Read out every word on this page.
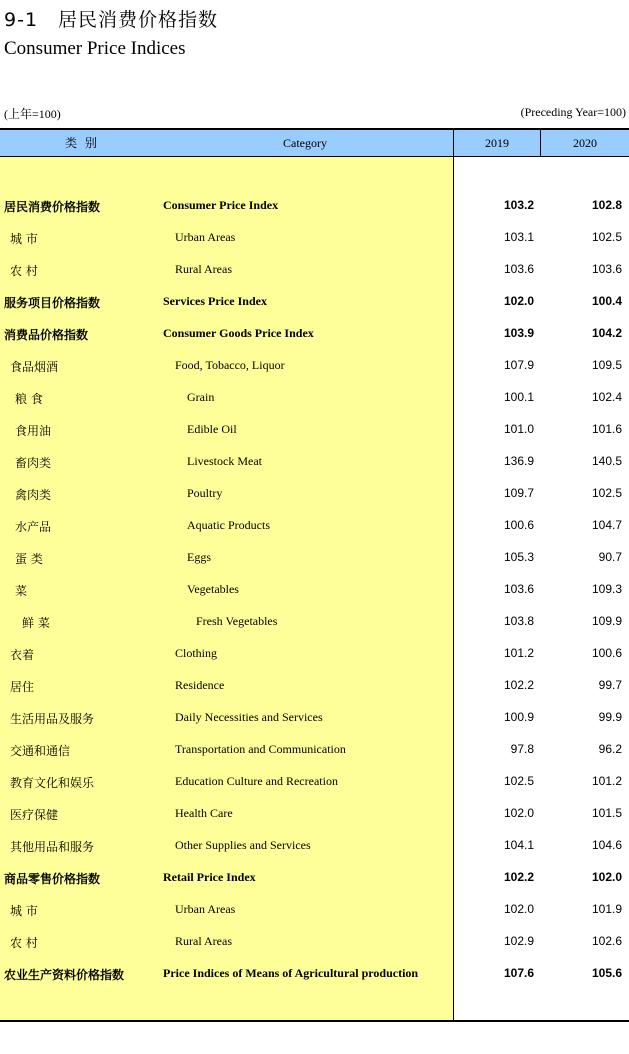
9-1　居民消费价格指数
Consumer Price Indices
(上年=100)	(Preceding Year=100)
类别	Category	2019	2020
居民消费价格指数	Consumer Price Index	103.2	102.8
城 市	Urban Areas	103.1	102.5
农 村	Rural Areas	103.6	103.6
服务项目价格指数	Services Price Index	102.0	100.4
消费品价格指数	Consumer Goods Price Index	103.9	104.2
食品烟酒	Food, Tobacco, Liquor	107.9	109.5
粮 食	Grain	100.1	102.4
食用油	Edible Oil	101.0	101.6
畜肉类	Livestock Meat	136.9	140.5
禽肉类	Poultry	109.7	102.5
水产品	Aquatic Products	100.6	104.7
蛋 类	Eggs	105.3	90.7
菜	Vegetables	103.6	109.3
鲜 菜	Fresh Vegetables	103.8	109.9
衣着	Clothing	101.2	100.6
居住	Residence	102.2	99.7
生活用品及服务	Daily Necessities and Services	100.9	99.9
交通和通信	Transportation and Communication	97.8	96.2
教育文化和娱乐	Education Culture and Recreation	102.5	101.2
医疗保健	Health Care	102.0	101.5
其他用品和服务	Other Supplies and Services	104.1	104.6
商品零售价格指数	Retail Price Index	102.2	102.0
城 市	Urban Areas	102.0	101.9
农 村	Rural Areas	102.9	102.6
农业生产资料价格指数	Price Indices of Means of Agricultural production	107.6	105.6
